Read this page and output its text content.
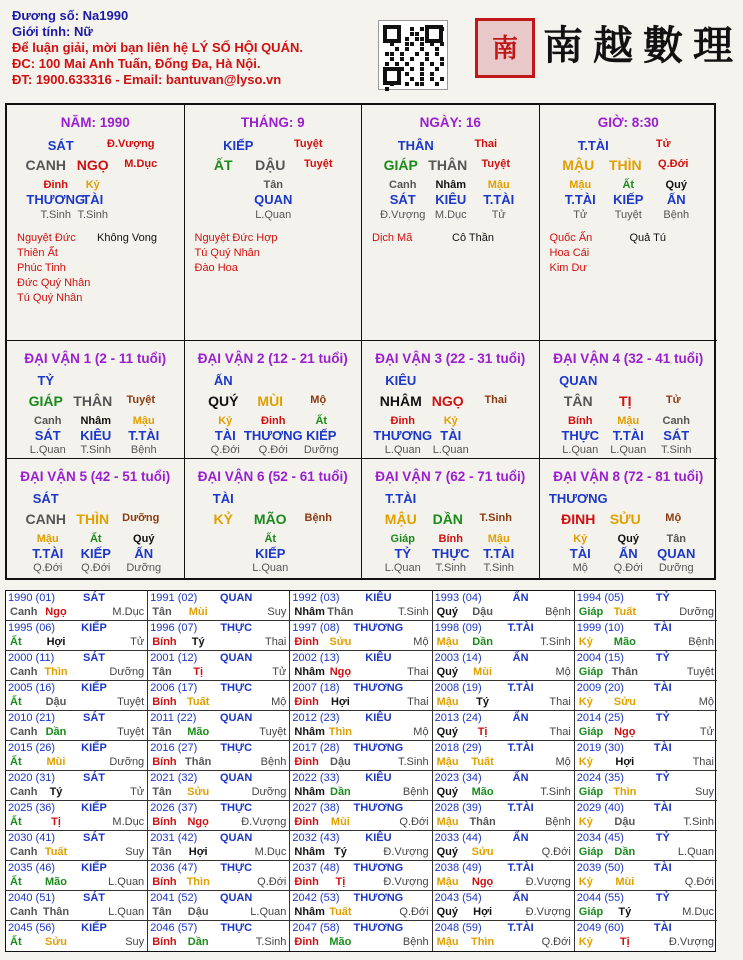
Đương số: Na1990
Giới tính: Nữ
Để luận giải, mời bạn liên hệ LÝ SỐ HỘI QUÁN.
ĐC: 100 Mai Anh Tuấn, Đống Đa, Hà Nội.
ĐT: 1900.633316 - Email: bantuvan@lyso.vn
南 南越數理
NĂM: 1990
SÁT	Đ.Vượng
CANH NGỌ M.Dục
Đinh
THƯƠNG
T.Sinh
Kỷ
TÀI
T.Sinh
Nguyệt Đức
Thiên Ất
Phúc Tinh
Đức Quý Nhân
Tú Quý Nhân
Không Vong
THÁNG: 9
KIẾP	Tuyệt
ẤT DẬU Tuyệt
Tân
QUAN
L.Quan
Nguyệt Đức Hợp
Tú Quý Nhân
Đào Hoa
NGÀY: 16
THÂN	Thai
GIÁP THÂN Tuyệt
Canh
SÁT
Đ.Vượng
Nhâm
KIÊU
M.Dục
Mậu
T.TÀI
Tử
Dịch Mã	Cô Thần
GIỜ: 8:30
T.TÀI	Tử
MẬU THÌN Q.Đới
Mậu
T.TÀI
Tử
Ất
KIẾP
Tuyệt
Quý
ẤN
Bệnh
Quốc Ấn
Hoa Cái
Kim Dư
Quả Tú
ĐẠI VẬN 1 (2 - 11 tuổi)
TỶ
GIÁP THÂN Tuyệt
Canh
SÁT
L.Quan
Nhâm
KIÊU
T.Sinh
Mậu
T.TÀI
Bệnh
ĐẠI VẬN 2 (12 - 21 tuổi)
ẤN
QUÝ MÙI Mộ
Kỷ
TÀI
Q.Đới
Đinh
THƯƠNG
Q.Đới
Ất
KIẾP
Dưỡng
ĐẠI VẬN 3 (22 - 31 tuổi)
KIÊU
NHÂM NGỌ Thai
Đinh
THƯƠNG
L.Quan
Kỷ
TÀI
L.Quan
ĐẠI VẬN 4 (32 - 41 tuổi)
QUAN
TÂN TỊ	Tử
Bính
THỰC
L.Quan
Mậu
T.TÀI
L.Quan
Canh
SÁT
T.Sinh
ĐẠI VẬN 5 (42 - 51 tuổi)
SÁT
CANH THÌN Dưỡng
Mậu
T.TÀI
Q.Đới
Ất
KIẾP
Q.Đới
Quý
ẤN
Dưỡng
ĐẠI VẬN 6 (52 - 61 tuổi)
TÀI
KỶ MÃO Bệnh
Ất
KIẾP
L.Quan
ĐẠI VẬN 7 (62 - 71 tuổi)
T.TÀI
MẬU DẦN T.Sinh
Giáp
TỶ
L.Quan
Bính
THỰC
T.Sinh
Mậu
T.TÀI
T.Sinh
ĐẠI VẬN 8 (72 - 81 tuổi)
THƯƠNG
ĐINH SỬU Mộ
Kỷ
TÀI
Mộ
Quý
ẤN
Q.Đới
Tân
QUAN
Dưỡng
1990 (01)	SÁT
Canh Ngọ	M.Dục
1991 (02)	QUAN
Tân Mùi	Suy
1992 (03)	KIÊU
Nhâm Thân	T.Sinh
1993 (04)	ẤN
Quý Dậu	Bệnh
1994 (05)	TỶ
Giáp Tuất	Dưỡng
1995 (06)	KIẾP
Ất Hợi	Tử
1996 (07)	THỰC
Bính Tý	Thai
1997 (08)	THƯƠNG
Đinh Sửu	Mộ
1998 (09)	T.TÀI
Mậu Dần	T.Sinh
1999 (10)	TÀI
Kỷ Mão	Bệnh
2000 (11)	SÁT
Canh Thìn	Dưỡng
2001 (12)	QUAN
Tân Tị	Tử
2002 (13)	KIÊU
Nhâm Ngọ	Thai
2003 (14)	ẤN
Quý Mùi	Mộ
2004 (15)	TỶ
Giáp Thân	Tuyệt
2005 (16)	KIẾP
Ất Dậu	Tuyệt
2006 (17)	THỰC
Bính Tuất	Mộ
2007 (18)	THƯƠNG
Đinh Hợi	Thai
2008 (19)	T.TÀI
Mậu Tý	Thai
2009 (20)	TÀI
Kỷ Sửu	Mộ
2010 (21)	SÁT
Canh Dần	Tuyệt
2011 (22)	QUAN
Tân Mão	Tuyệt
2012 (23)	KIÊU
Nhâm Thìn	Mộ
2013 (24)	ẤN
Quý Tị	Thai
2014 (25)	TỶ
Giáp Ngọ	Tử
2015 (26)	KIẾP
Ất Mùi	Dưỡng
2016 (27)	THỰC
Bính Thân	Bệnh
2017 (28)	THƯƠNG
Đinh Dậu	T.Sinh
2018 (29)	T.TÀI
Mậu Tuất	Mộ
2019 (30)	TÀI
Kỷ Hợi	Thai
2020 (31)	SÁT
Canh Tý	Tử
2021 (32)	QUAN
Tân Sửu	Dưỡng
2022 (33)	KIÊU
Nhâm Dần	Bệnh
2023 (34)	ẤN
Quý Mão	T.Sinh
2024 (35)	TỶ
Giáp Thìn	Suy
2025 (36)	KIẾP
Ất	Tị	M.Dục
2026 (37)	THỰC
Bính Ngọ	Đ.Vượng
2027 (38)	THƯƠNG
Đinh Mùi	Q.Đới
2028 (39)	T.TÀI
Mậu Thân	Bệnh
2029 (40)	TÀI
Kỷ Dậu	T.Sinh
2030 (41)	SÁT
Canh Tuất	Suy
2031 (42)	QUAN
Tân Hợi	M.Dục
2032 (43)	KIÊU
Nhâm Tý	Đ.Vượng
2033 (44)	ẤN
Quý Sửu	Q.Đới
2034 (45)	TỶ
Giáp Dần	L.Quan
2035 (46)	KIẾP
Ất Mão	L.Quan
2036 (47)	THỰC
Bính Thìn	Q.Đới
2037 (48)	THƯƠNG
Đinh Tị	Đ.Vượng
2038 (49)	T.TÀI
Mậu Ngọ	Đ.Vượng
2039 (50)	TÀI
Kỷ Mùi	Q.Đới
2040 (51)	SÁT
Canh Thân	L.Quan
2041 (52)	QUAN
Tân Dậu	L.Quan
2042 (53)	THƯƠNG
Nhâm Tuất	Q.Đới
2043 (54)	ẤN
Quý Hợi	Đ.Vượng
2044 (55)	TỶ
Giáp Tý	M.Dục
2045 (56)	KIẾP
Ất Sửu	Suy
2046 (57)	THỰC
Bính Dần	T.Sinh
2047 (58)	THƯƠNG
Đinh Mão	Bệnh
2048 (59)	T.TÀI
Mậu Thìn	Q.Đới
2049 (60)	TÀI
Kỷ Tị	Đ.Vượng
